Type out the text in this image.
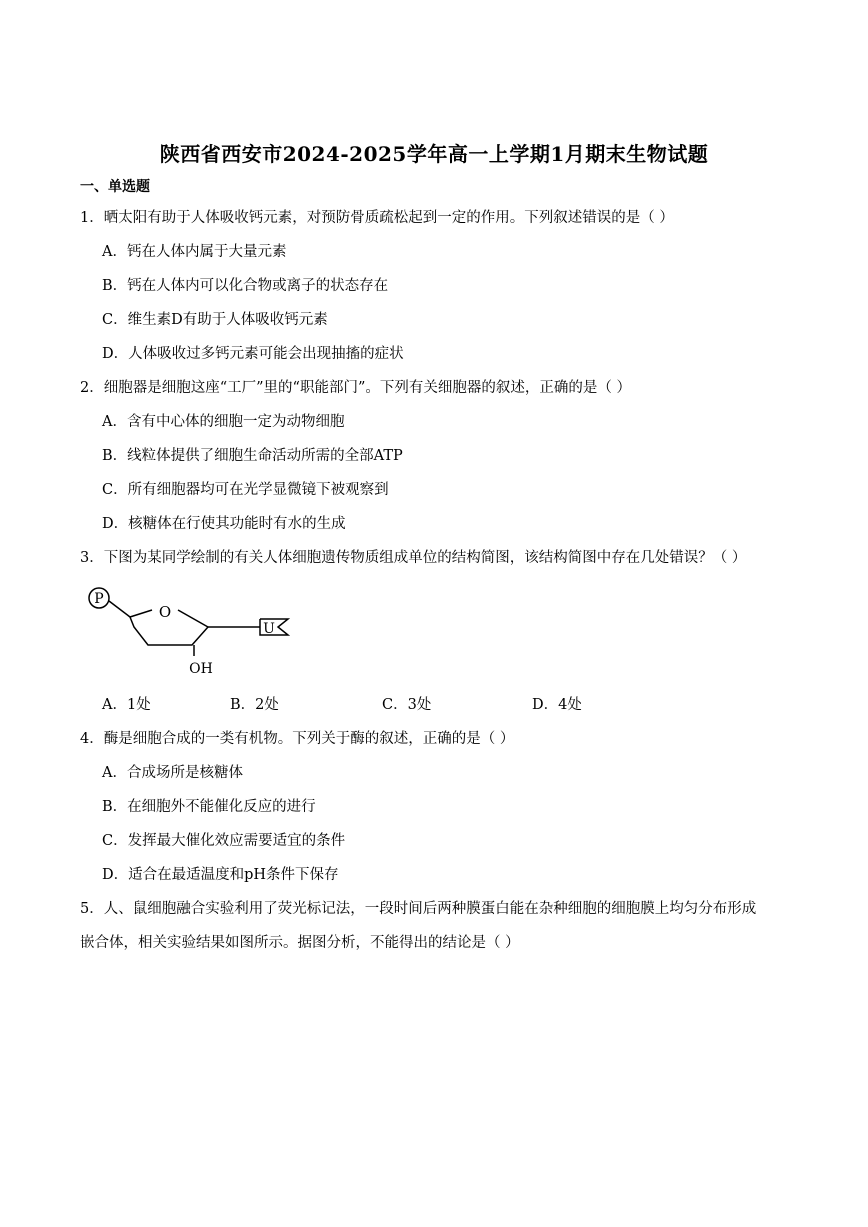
陕西省西安市2024-2025学年高一上学期1月期末生物试题
一、单选题
1．晒太阳有助于人体吸收钙元素，对预防骨质疏松起到一定的作用。下列叙述错误的是（ ）
A．钙在人体内属于大量元素
B．钙在人体内可以化合物或离子的状态存在
C．维生素D有助于人体吸收钙元素
D．人体吸收过多钙元素可能会出现抽搐的症状
2．细胞器是细胞这座“工厂”里的“职能部门”。下列有关细胞器的叙述，正确的是（ ）
A．含有中心体的细胞一定为动物细胞
B．线粒体提供了细胞生命活动所需的全部ATP
C．所有细胞器均可在光学显微镜下被观察到
D．核糖体在行使其功能时有水的生成
3．下图为某同学绘制的有关人体细胞遗传物质组成单位的结构简图，该结构简图中存在几处错误？（ ）
P
O
OH
U
A．1处	B．2处	C．3处	D．4处
4．酶是细胞合成的一类有机物。下列关于酶的叙述，正确的是（ ）
A．合成场所是核糖体
B．在细胞外不能催化反应的进行
C．发挥最大催化效应需要适宜的条件
D．适合在最适温度和pH条件下保存
5．人、鼠细胞融合实验利用了荧光标记法，一段时间后两种膜蛋白能在杂种细胞的细胞膜上均匀分布形成
嵌合体，相关实验结果如图所示。据图分析，不能得出的结论是（ ）
